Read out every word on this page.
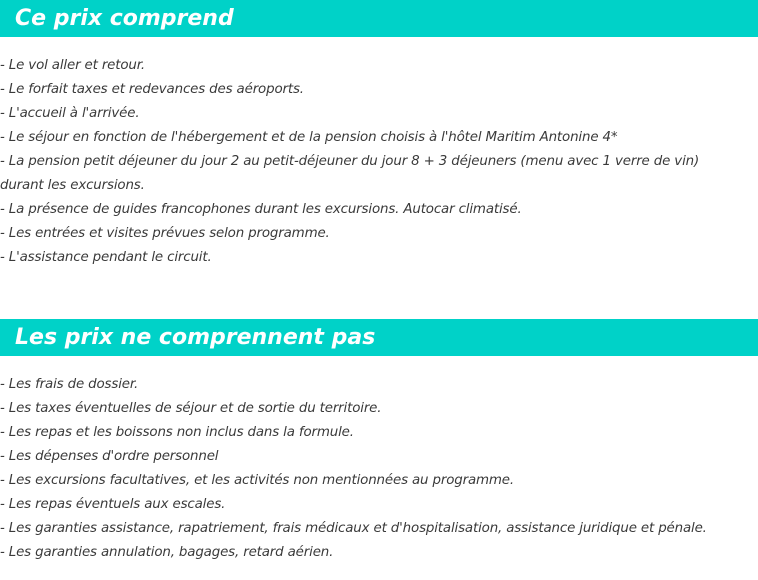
Ce prix comprend
- Le vol aller et retour.
- Le forfait taxes et redevances des aéroports.
- L'accueil à l'arrivée.
- Le séjour en fonction de l'hébergement et de la pension choisis à l'hôtel Maritim Antonine 4*
- La pension petit déjeuner du jour 2 au petit-déjeuner du jour 8 + 3 déjeuners (menu avec 1 verre de vin) durant les excursions.
- La présence de guides francophones durant les excursions. Autocar climatisé.
- Les entrées et visites prévues selon programme.
- L'assistance pendant le circuit.
Les prix ne comprennent pas
- Les frais de dossier.
- Les taxes éventuelles de séjour et de sortie du territoire.
- Les repas et les boissons non inclus dans la formule.
- Les dépenses d'ordre personnel
- Les excursions facultatives, et les activités non mentionnées au programme.
- Les repas éventuels aux escales.
- Les garanties assistance, rapatriement, frais médicaux et d'hospitalisation, assistance juridique et pénale.
- Les garanties annulation, bagages, retard aérien.
